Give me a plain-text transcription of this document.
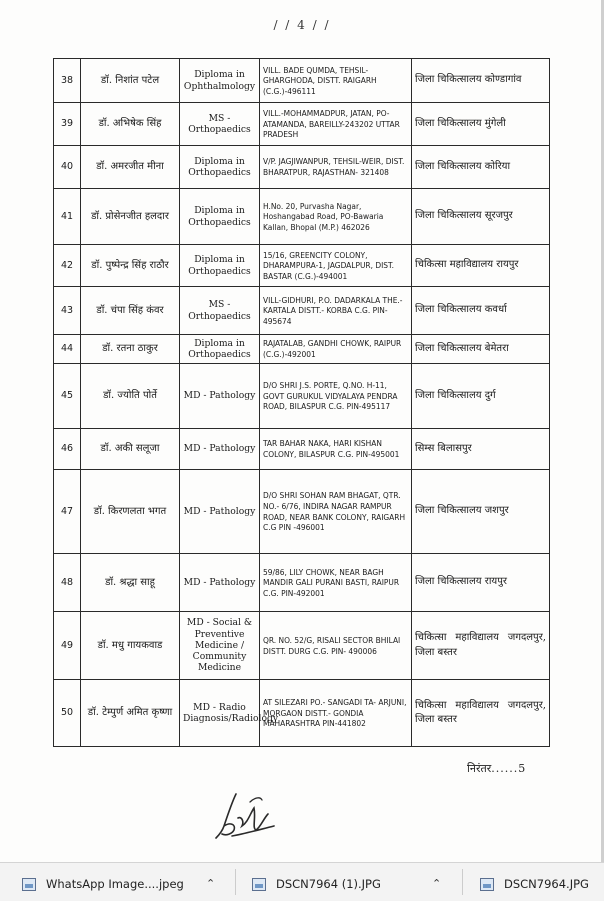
/ / 4 / /
38	डॉ. निशांत पटेल	Diploma in Ophthalmology	VILL. BADE QUMDA, TEHSIL-GHARGHODA, DISTT. RAIGARH (C.G.)-496111	जिला चिकित्सालय कोण्डागांव
39	डॉ. अभिषेक सिंह	MS - Orthopaedics	VILL.-MOHAMMADPUR, JATAN, PO-ATAMANDA, BAREILLY-243202 UTTAR PRADESH	जिला चिकित्सालय मुंगेली
40	डॉ. अमरजीत मीना	Diploma in Orthopaedics	V/P. JAGJIWANPUR, TEHSIL-WEIR, DIST. BHARATPUR, RAJASTHAN- 321408	जिला चिकित्सालय कोरिया
41	डॉ. प्रोसेनजीत हलदार	Diploma in Orthopaedics	H.No. 20, Purvasha Nagar, Hoshangabad Road, PO-Bawaria Kallan, Bhopal (M.P.) 462026	जिला चिकित्सालय सूरजपुर
42	डॉ. पुष्पेन्द्र सिंह राठौर	Diploma in Orthopaedics	15/16, GREENCITY COLONY, DHARAMPURA-1, JAGDALPUR, DIST. BASTAR (C.G.)-494001	चिकित्सा महाविद्यालय रायपुर
43	डॉ. चंपा सिंह कंवर	MS - Orthopaedics	VILL-GIDHURI, P.O. DADARKALA THE.-KARTALA DISTT.- KORBA C.G. PIN- 495674	जिला चिकित्सालय कवर्धा
44	डॉ. रतना ठाकुर	Diploma in Orthopaedics	RAJATALAB, GANDHI CHOWK, RAIPUR (C.G.)-492001	जिला चिकित्सालय बेमेतरा
45	डॉ. ज्योति पोर्ते	MD - Pathology	D/O SHRI J.S. PORTE, Q.NO. H-11, GOVT GURUKUL VIDYALAYA PENDRA ROAD, BILASPUR C.G. PIN-495117	जिला चिकित्सालय दुर्ग
46	डॉ. अकी सलूजा	MD - Pathology	TAR BAHAR NAKA, HARI KISHAN COLONY, BILASPUR C.G. PIN-495001	सिम्स बिलासपुर
47	डॉ. किरणलता भगत	MD - Pathology	D/O SHRI SOHAN RAM BHAGAT, QTR. NO.- 6/76, INDIRA NAGAR RAMPUR ROAD, NEAR BANK COLONY, RAIGARH C.G PIN -496001	जिला चिकित्सालय जशपुर
48	डॉ. श्रद्धा साहू	MD - Pathology	59/86, LILY CHOWK, NEAR BAGH MANDIR GALI PURANI BASTI, RAIPUR C.G. PIN-492001	जिला चिकित्सालय रायपुर
49	डॉ. मधु गायकवाड	MD - Social & Preventive Medicine / Community Medicine	QR. NO. 52/G, RISALI SECTOR BHILAI DISTT. DURG C.G. PIN- 490006	चिकित्सा महाविद्यालय जगदलपुर, जिला बस्तर
50	डॉ. टेम्पुर्ण अमित कृष्णा	MD - Radio Diagnosis/Radiology	AT SILEZARI PO.- SANGADI TA- ARJUNI, MORGAON DISTT.- GONDIA MAHARASHTRA PIN-441802	चिकित्सा महाविद्यालय जगदलपुर, जिला बस्तर
निरंतर......5
WhatsApp Image....jpeg ⌃	DSCN7964 (1).JPG	⌃	DSCN7964.JPG
